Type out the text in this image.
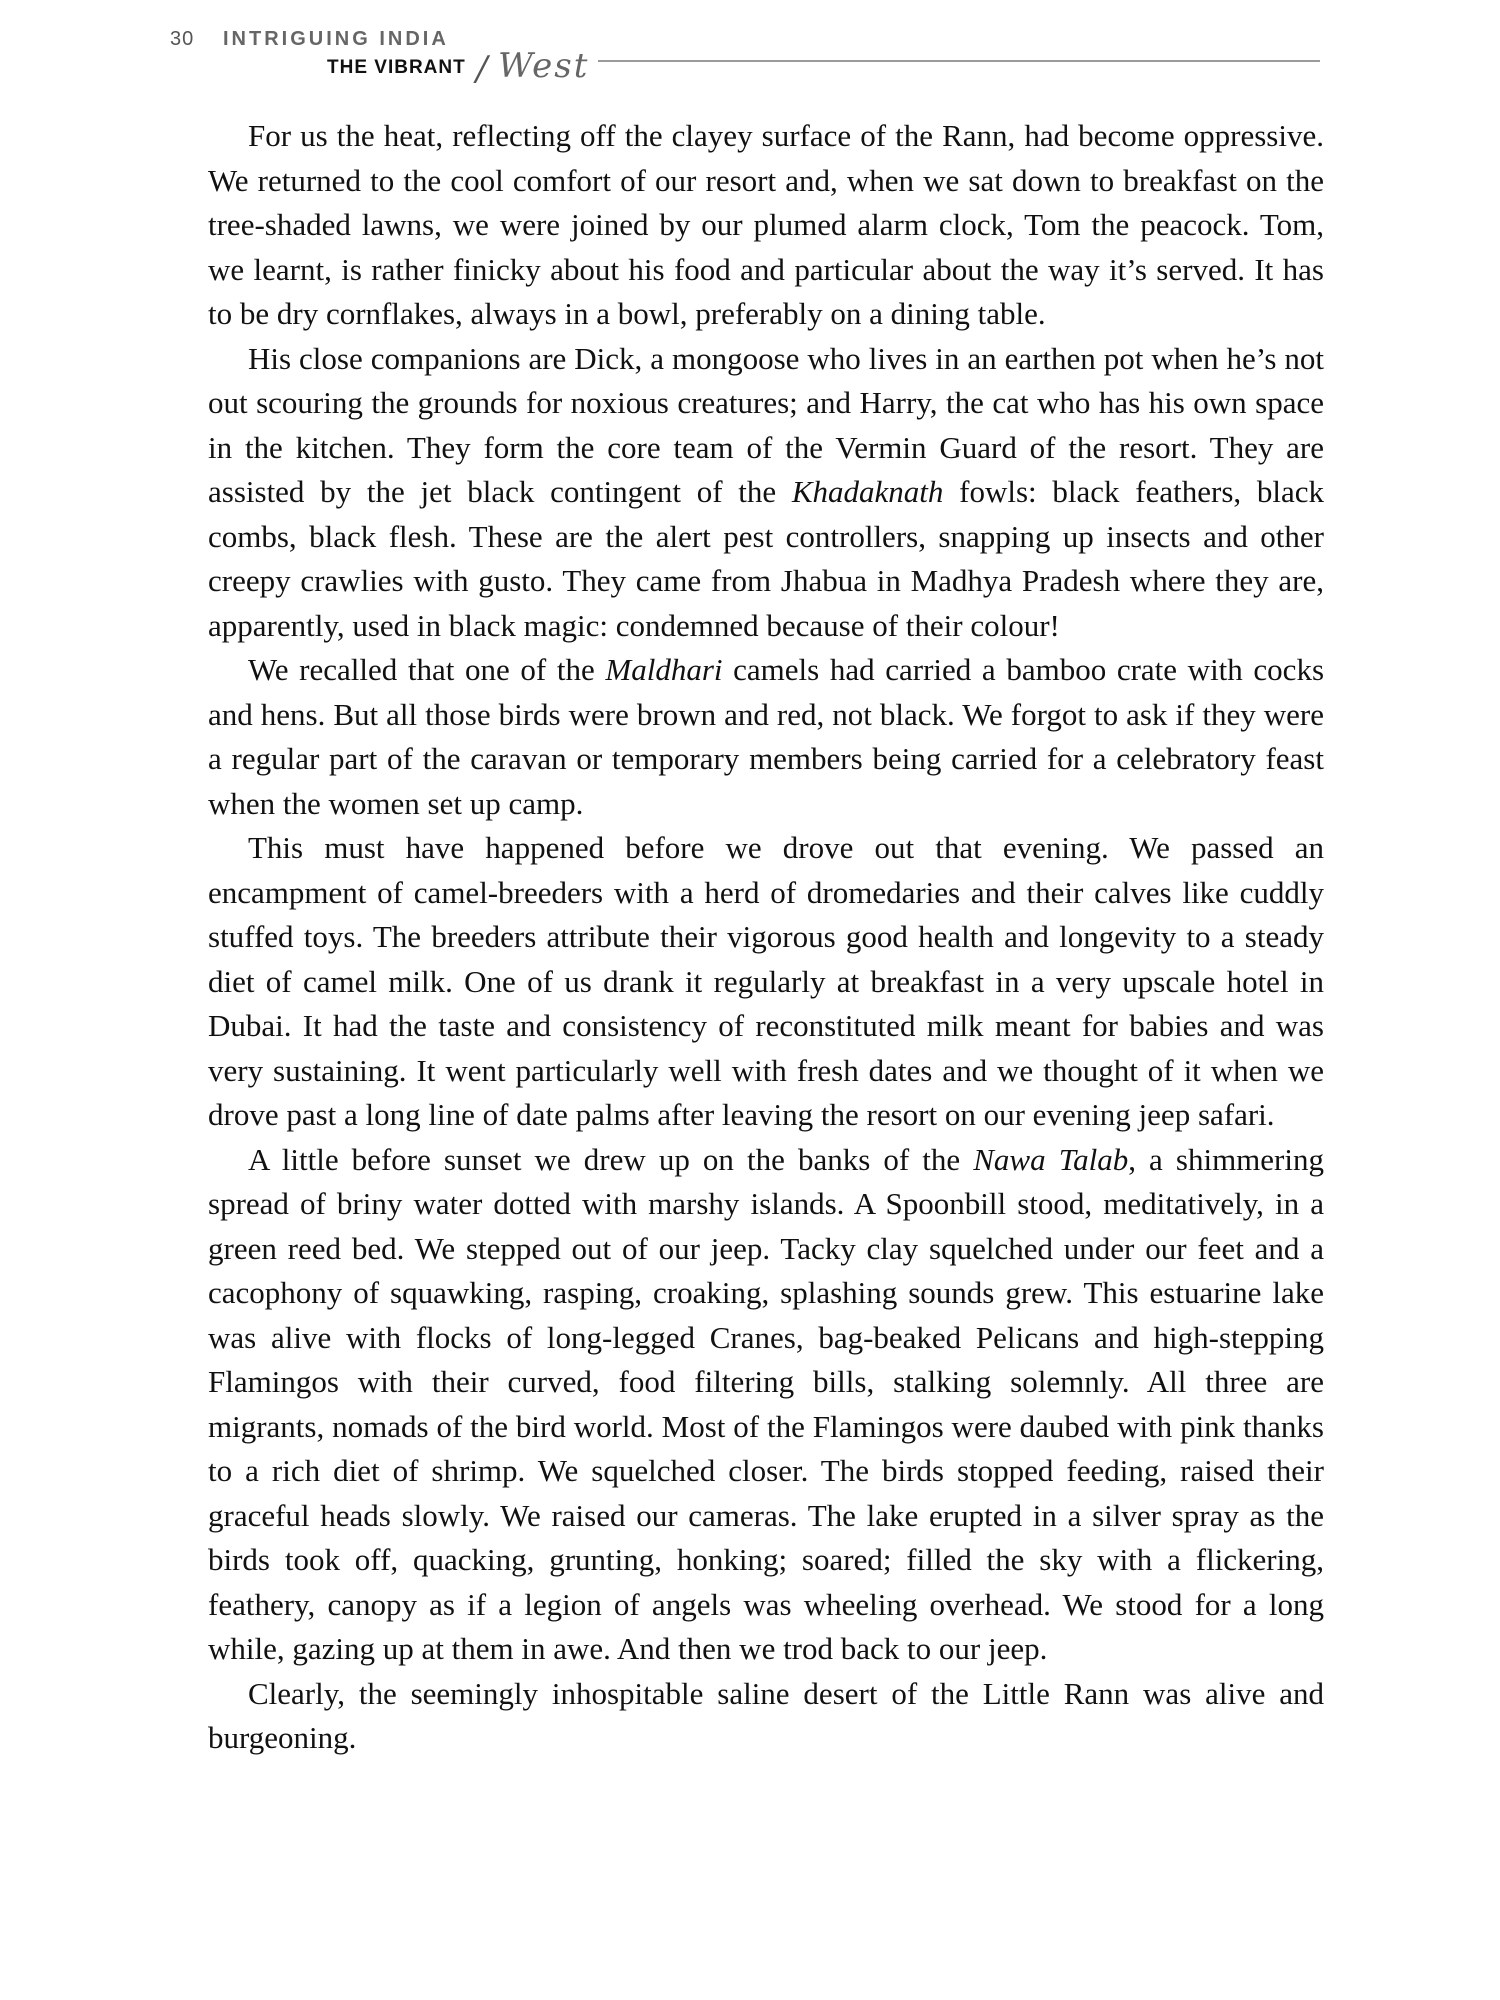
30 INTRIGUING INDIA
THE VIBRANT / West

For us the heat, reflecting off the clayey surface of the Rann, had become oppressive. We returned to the cool comfort of our resort and, when we sat down to breakfast on the tree-shaded lawns, we were joined by our plumed alarm clock, Tom the peacock. Tom, we learnt, is rather finicky about his food and particular about the way it’s served. It has to be dry cornflakes, always in a bowl, preferably on a dining table.

His close companions are Dick, a mongoose who lives in an earthen pot when he’s not out scouring the grounds for noxious creatures; and Harry, the cat who has his own space in the kitchen. They form the core team of the Vermin Guard of the resort. They are assisted by the jet black contingent of the Khadaknath fowls: black feathers, black combs, black flesh. These are the alert pest controllers, snapping up insects and other creepy crawlies with gusto. They came from Jhabua in Madhya Pradesh where they are, apparently, used in black magic: condemned because of their colour!

We recalled that one of the Maldhari camels had carried a bamboo crate with cocks and hens. But all those birds were brown and red, not black. We forgot to ask if they were a regular part of the caravan or temporary members being carried for a celebratory feast when the women set up camp.

This must have happened before we drove out that evening. We passed an encampment of camel-breeders with a herd of dromedaries and their calves like cuddly stuffed toys. The breeders attribute their vigorous good health and longevity to a steady diet of camel milk. One of us drank it regularly at breakfast in a very upscale hotel in Dubai. It had the taste and consistency of reconstituted milk meant for babies and was very sustaining. It went particularly well with fresh dates and we thought of it when we drove past a long line of date palms after leaving the resort on our evening jeep safari.

A little before sunset we drew up on the banks of the Nawa Talab, a shimmering spread of briny water dotted with marshy islands. A Spoonbill stood, meditatively, in a green reed bed. We stepped out of our jeep. Tacky clay squelched under our feet and a cacophony of squawking, rasping, croaking, splashing sounds grew. This estuarine lake was alive with flocks of long-legged Cranes, bag-beaked Pelicans and high-stepping Flamingos with their curved, food filtering bills, stalking solemnly. All three are migrants, nomads of the bird world. Most of the Flamingos were daubed with pink thanks to a rich diet of shrimp. We squelched closer. The birds stopped feeding, raised their graceful heads slowly. We raised our cameras. The lake erupted in a silver spray as the birds took off, quacking, grunting, honking; soared; filled the sky with a flickering, feathery, canopy as if a legion of angels was wheeling overhead. We stood for a long while, gazing up at them in awe. And then we trod back to our jeep.

Clearly, the seemingly inhospitable saline desert of the Little Rann was alive and burgeoning.
